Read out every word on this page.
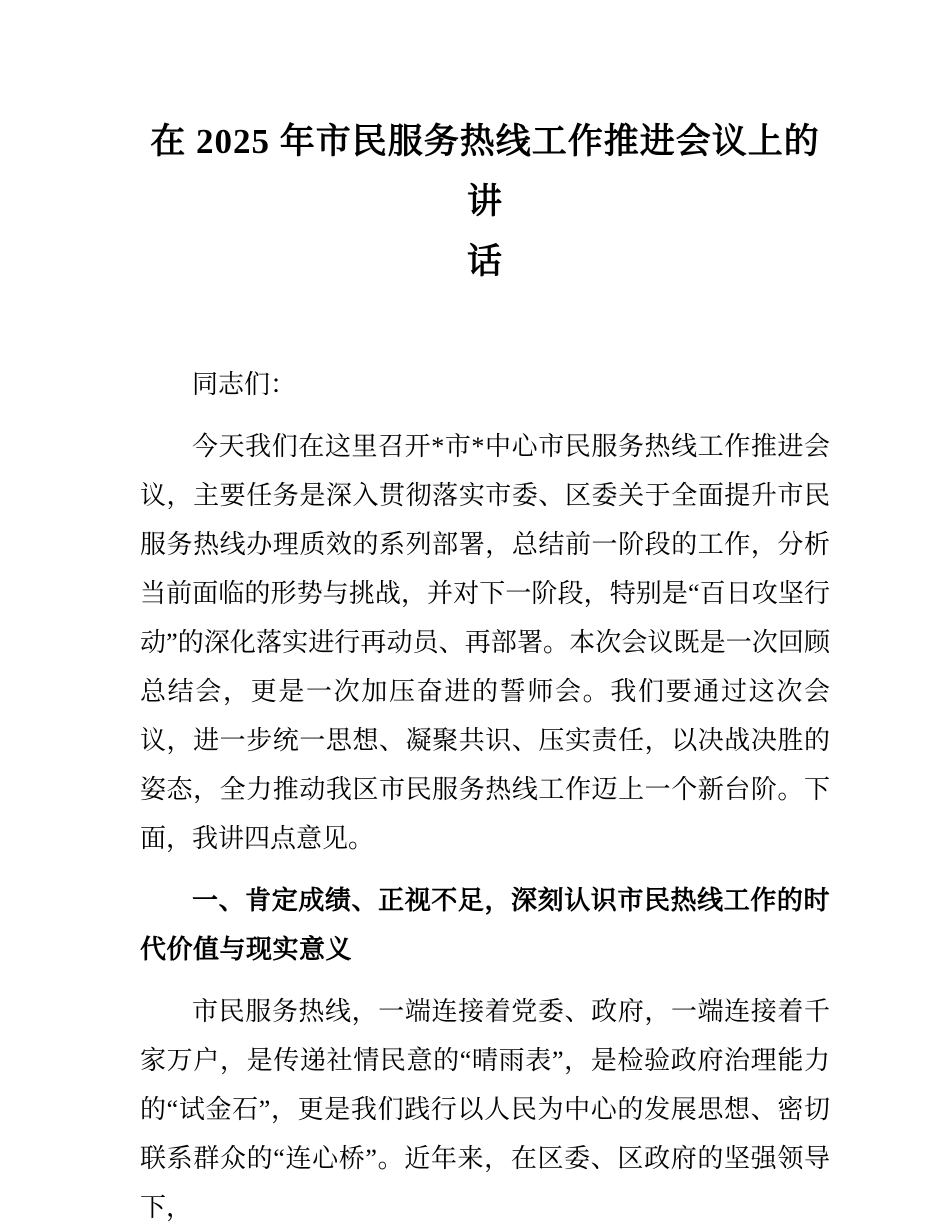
在 2025 年市民服务热线工作推进会议上的讲
话

同志们：

今天我们在这里召开*市*中心市民服务热线工作推进会议，主要任务是深入贯彻落实市委、区委关于全面提升市民服务热线办理质效的系列部署，总结前一阶段的工作，分析当前面临的形势与挑战，并对下一阶段，特别是“百日攻坚行动”的深化落实进行再动员、再部署。本次会议既是一次回顾总结会，更是一次加压奋进的誓师会。我们要通过这次会议，进一步统一思想、凝聚共识、压实责任，以决战决胜的姿态，全力推动我区市民服务热线工作迈上一个新台阶。下面，我讲四点意见。

一、肯定成绩、正视不足，深刻认识市民热线工作的时代价值与现实意义

市民服务热线，一端连接着党委、政府，一端连接着千家万户，是传递社情民意的“晴雨表”，是检验政府治理能力的“试金石”，更是我们践行以人民为中心的发展思想、密切联系群众的“连心桥”。近年来，在区委、区政府的坚强领导下，
